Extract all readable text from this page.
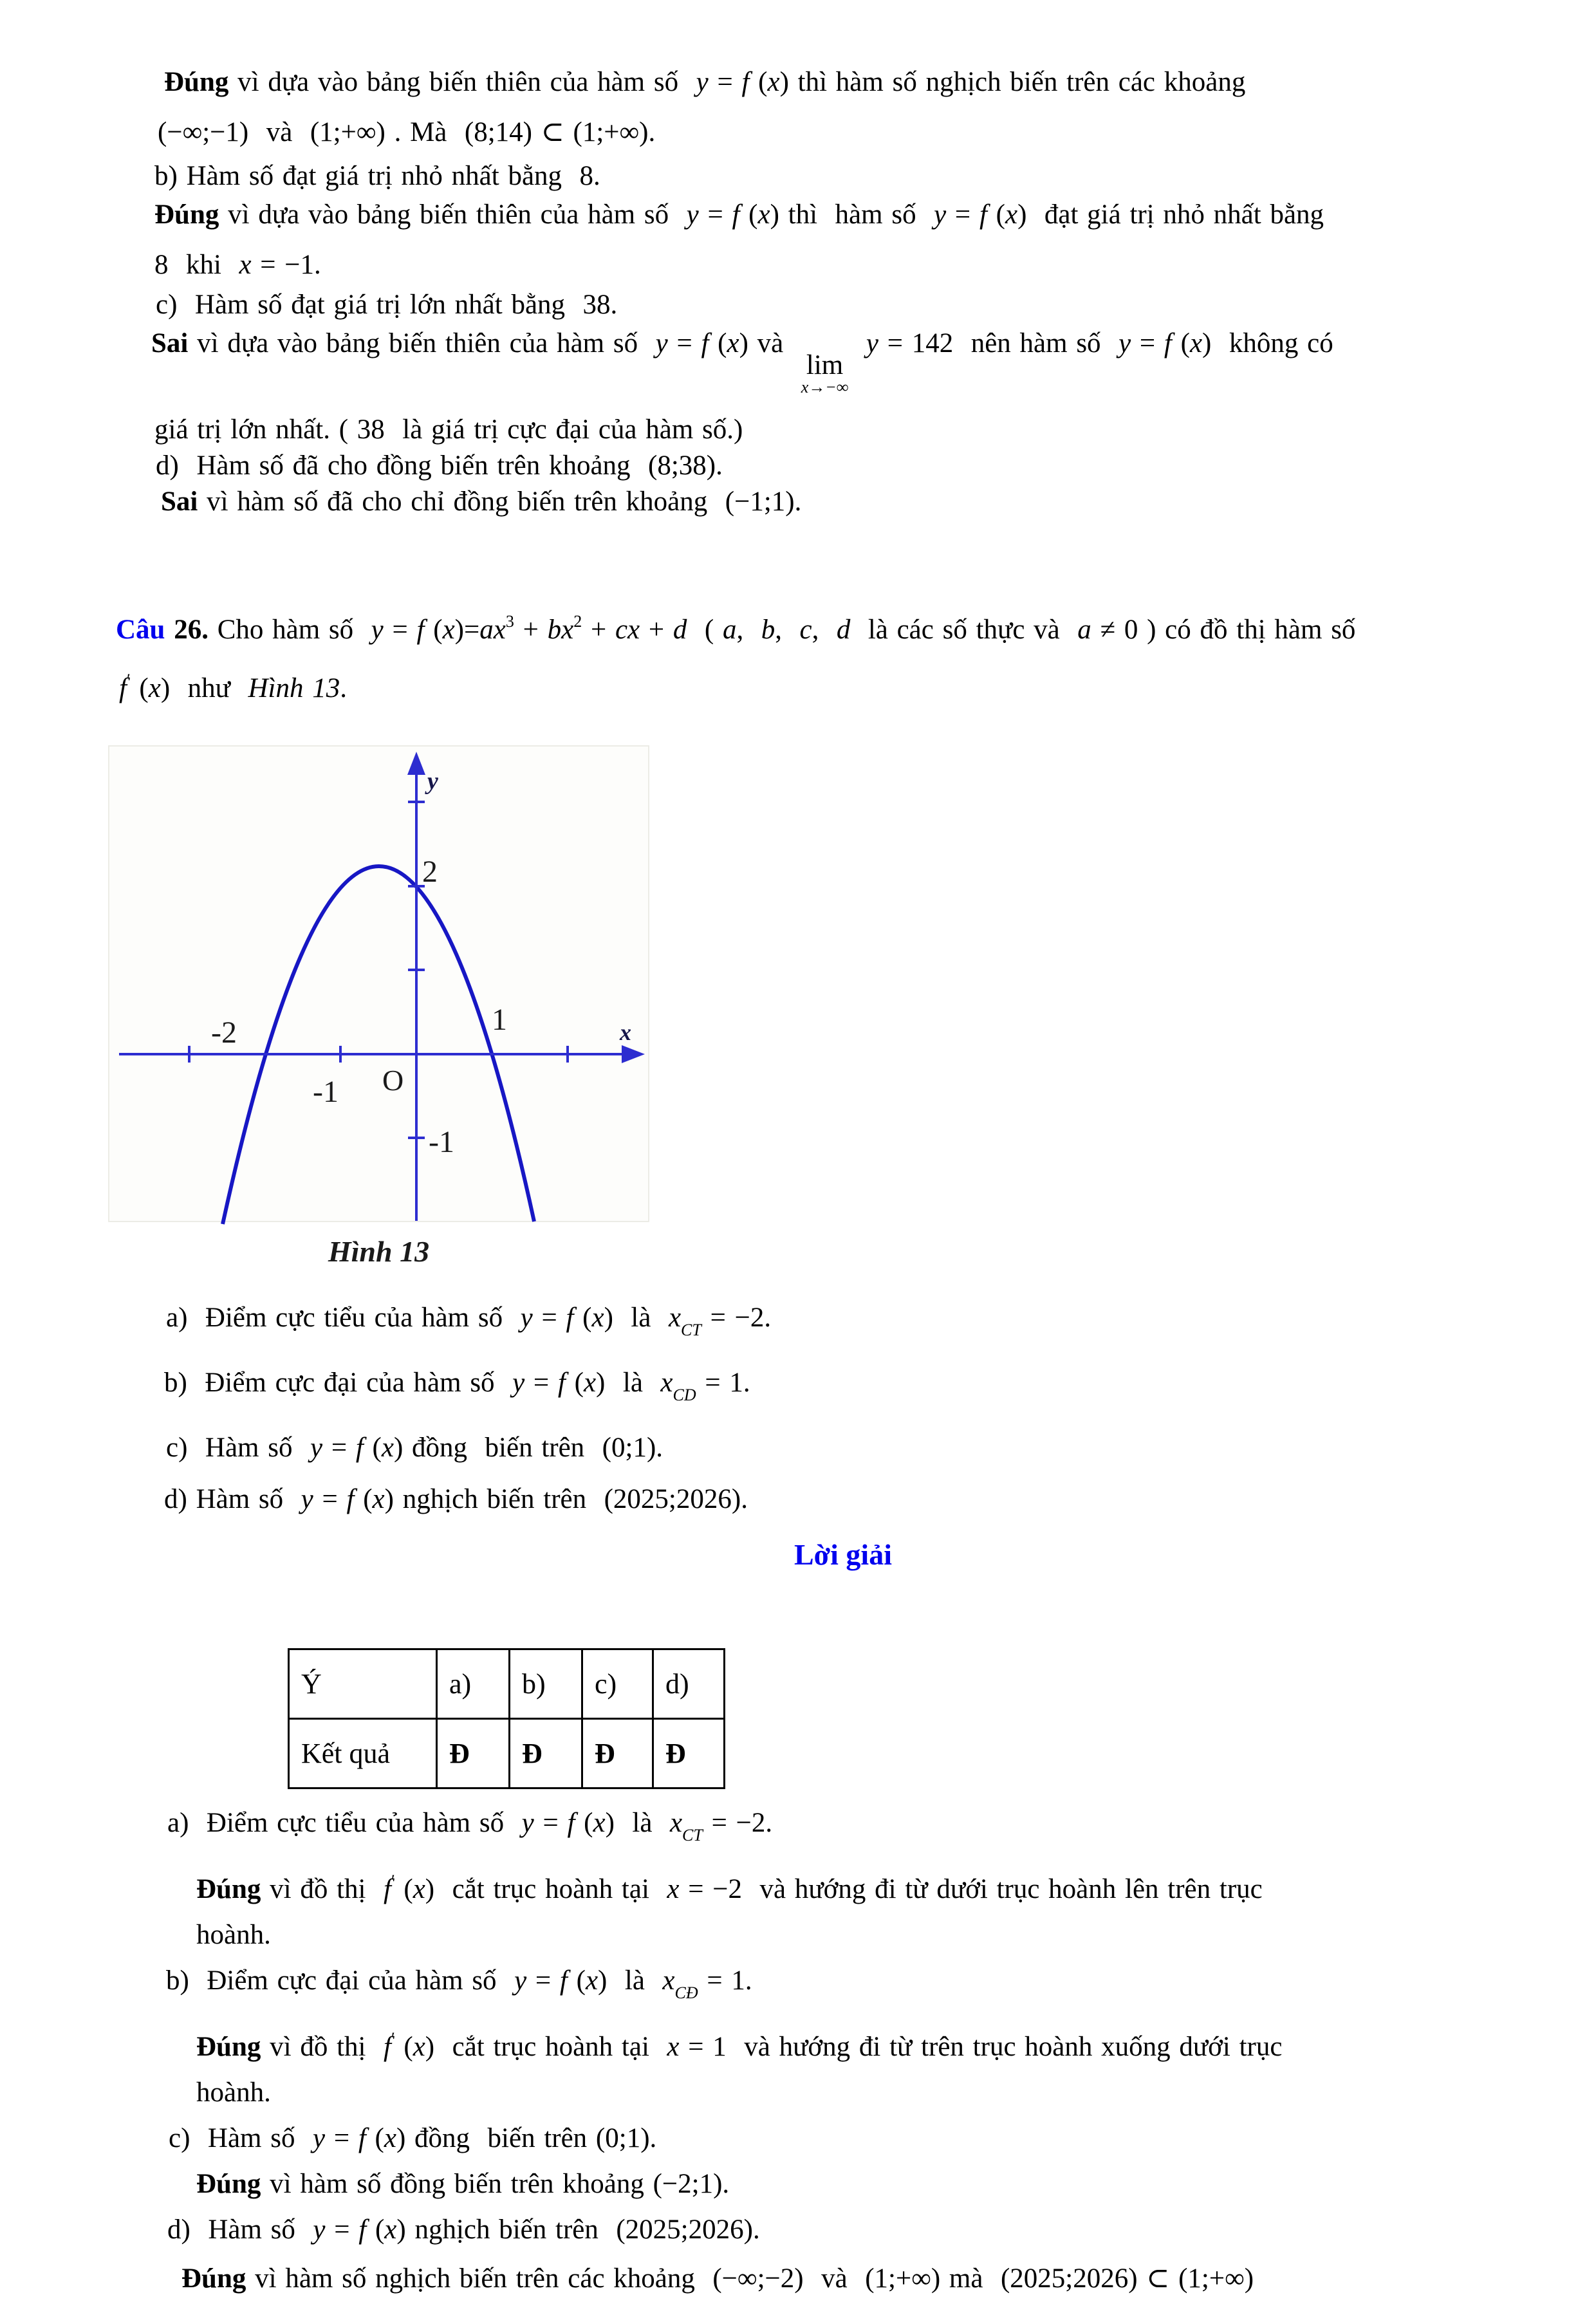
Đúng vì dựa vào bảng biến thiên của hàm số  y = f (x) thì hàm số nghịch biến trên các khoảng
(−∞;−1)  và  (1;+∞) . Mà  (8;14) ⊂ (1;+∞).
b) Hàm số đạt giá trị nhỏ nhất bằng  8.
Đúng vì dựa vào bảng biến thiên của hàm số  y = f (x) thì  hàm số  y = f (x)  đạt giá trị nhỏ nhất bằng
8  khi  x = −1.
c)  Hàm số đạt giá trị lớn nhất bằng  38.
Sai vì dựa vào bảng biến thiên của hàm số  y = f (x) và
lim
x→−∞
y = 142  nên hàm số  y = f (x)  không có
giá trị lớn nhất. ( 38  là giá trị cực đại của hàm số.)
d)  Hàm số đã cho đồng biến trên khoảng  (8;38).
Sai vì hàm số đã cho chỉ đồng biến trên khoảng  (−1;1).
Câu 26. Cho hàm số  y = f $(x)=ax^3 + bx^2$ + cx + d  ( a,  b,  c,  d  là các số thực và  a ≠ 0 ) có đồ thị hàm số
f′ (x)  như  Hình 13.
y
x
O
2
-1
-2
-1
1
Hình 13
a)  Điểm cực tiểu của hàm số  y = f (x)  là  $x_{CT} = -2$.
b)  Điểm cực đại của hàm số  y = f (x)  là  $x_{CD} = 1$.
c)  Hàm số  y = f (x) đồng  biến trên  (0;1).
d) Hàm số  y = f (x) nghịch biến trên  (2025;2026).
Lời giải
Ý	a)	b)	c)	d)
Kết quả	Đ	Đ	Đ	Đ
a)  Điểm cực tiểu của hàm số  y = f (x)  là  $x_{CT} = -2$.
Đúng vì đồ thị  f′ (x)  cắt trục hoành tại  x = −2  và hướng đi từ dưới trục hoành lên trên trục
hoành.
b)  Điểm cực đại của hàm số  y = f (x)  là  $x_{CĐ} = 1$.
Đúng vì đồ thị  f′ (x)  cắt trục hoành tại  x = 1  và hướng đi từ trên trục hoành xuống dưới trục
hoành.
c)  Hàm số  y = f (x) đồng  biến trên (0;1).
Đúng vì hàm số đồng biến trên khoảng (−2;1).
d)  Hàm số  y = f (x) nghịch biến trên  (2025;2026).
Đúng vì hàm số nghịch biến trên các khoảng  (−∞;−2)  và  (1;+∞) mà  (2025;2026) ⊂ (1;+∞)
